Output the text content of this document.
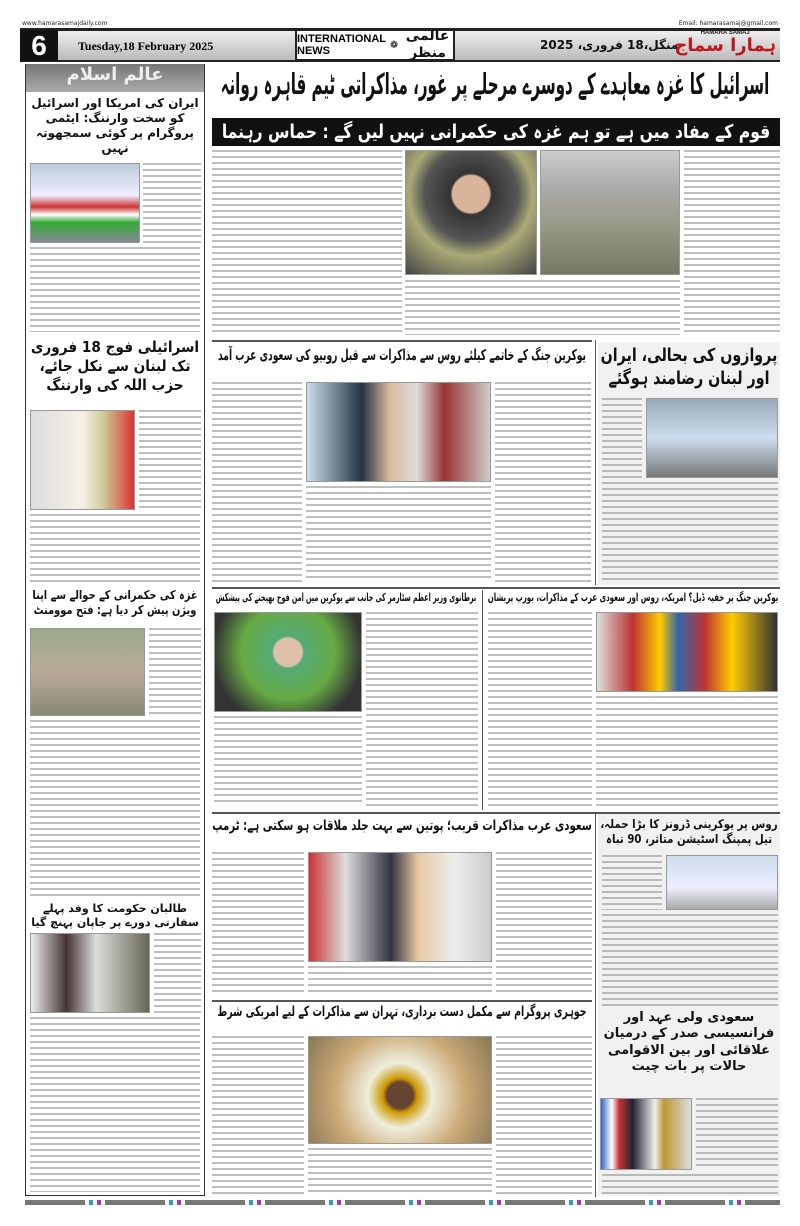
www.hamarasamajdaily.com	Email: hamarasamaj@gmail.com
6	Tuesday,18 February 2025	INTERNATIONAL NEWS	❁
عالمی منظر	منگل،18 فروری، 2025
HAMARA SAMAJ
ہمارا سماج
عالم اسلام
ایران کی امریکا اور اسرائیل کو سخت وارننگ: ایٹمی پروگرام پر کوئی سمجھوتہ نہیں
اسرائیلی فوج 18 فروری تک لبنان سے نکل جائے، حزب اللہ کی وارننگ
غزہ کی حکمرانی کے حوالے سے اپنا ویژن پیش کر دیا ہے: فتح موومنٹ
طالبان حکومت کا وفد پہلے سفارتی دورے پر جاپان پہنچ گیا
اسرائیل کا غزہ معاہدے کے دوسرے مرحلے پر غور، مذاکراتی ٹیم قاہرہ روانہ
قوم کے مفاد میں ہے تو ہم غزہ کی حکمرانی نہیں لیں گے : حماس رہنما
یوکرین جنگ کے خاتمے کیلئے روس سے مذاکرات سے قبل روبیو کی سعودی عرب آمد پروازوں کی بحالی، ایران اور لبنان رضامند ہوگئے
برطانوی وزیر اعظم سٹارمر کی جانب سے یوکرین میں امن فوج بھیجنے کی پیشکش	یوکرین جنگ پر خفیہ ڈیل؟ امریکہ، روس اور سعودی عرب کے مذاکرات، یورپ پریشان
سعودی عرب مذاکرات قریب؛ پوتین سے بہت جلد ملاقات ہو سکتی ہے: ٹرمپ روس پر یوکرینی ڈرونز کا بڑا حملہ، تیل پمپنگ اسٹیشن متاثر، 90 تباہ
جوہری پروگرام سے مکمل دست برداری، تہران سے مذاکرات کے لیے امریکی شرط	سعودی ولی عہد اور فرانسیسی صدر کے درمیان علاقائی اور بین الاقوامی حالات پر بات چیت
